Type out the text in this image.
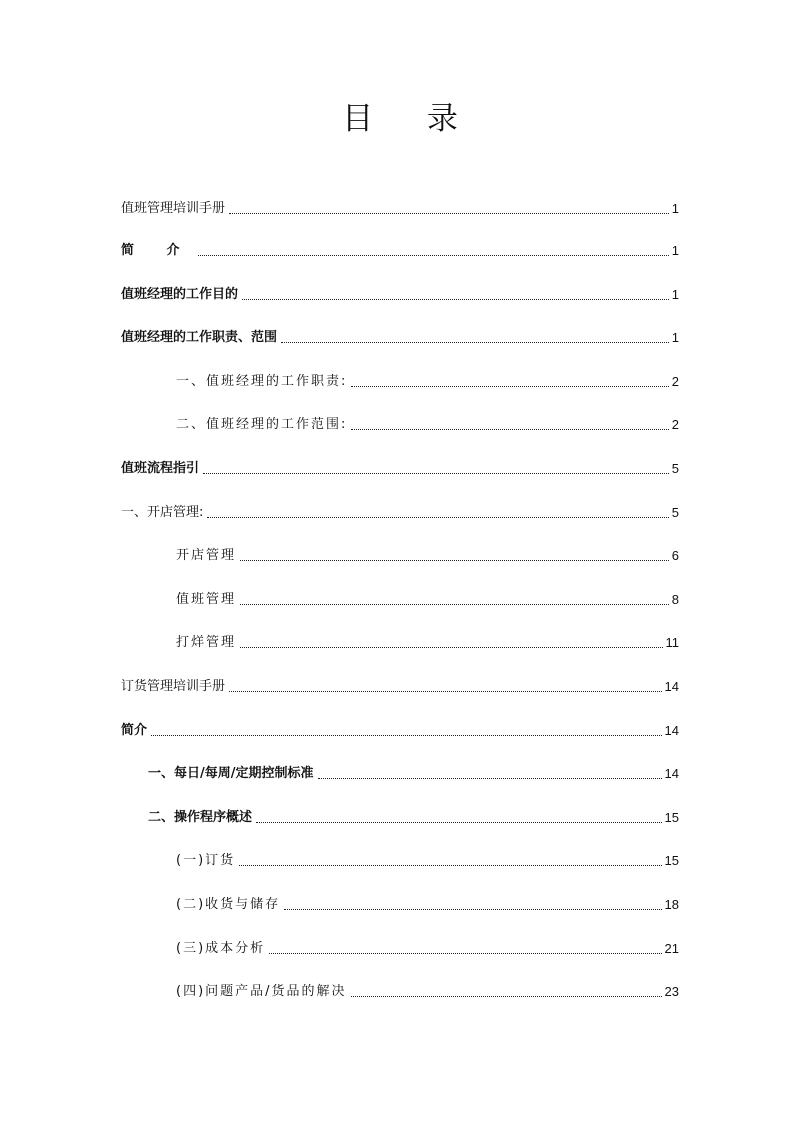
目 录
值班管理培训手册	1
简 介	1
值班经理的工作目的	1
值班经理的工作职责、范围	1
一、值班经理的工作职责:	2
二、值班经理的工作范围:	2
值班流程指引	5
一、开店管理:	5
开店管理	6
值班管理	8
打烊管理	11
订货管理培训手册	14
简介	14
一、每日/每周/定期控制标准	14
二、操作程序概述	15
(一)订货	15
(二)收货与储存	18
(三)成本分析	21
(四)问题产品/货品的解决	23
